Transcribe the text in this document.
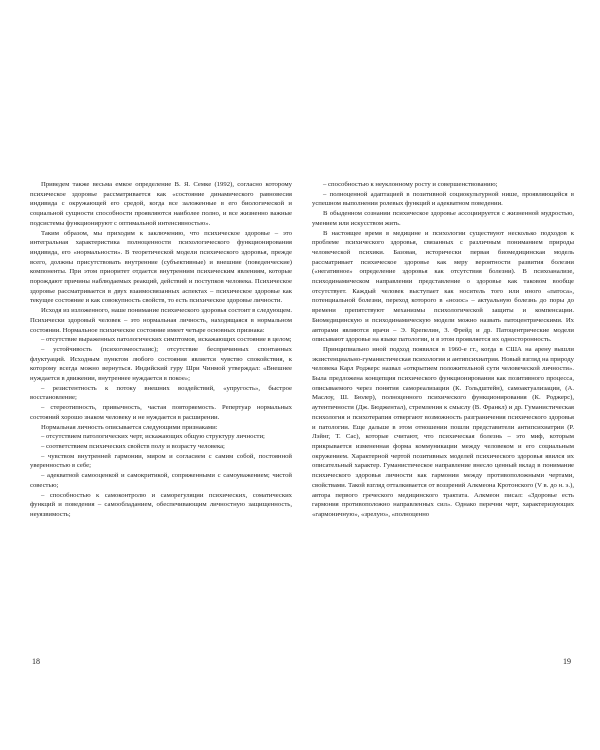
Приведем также весьма емкое определение В. Я. Семке (1992), согласно которому психическое здоровье рассматривается как «состояние динамического равновесия индивида с окружающей его средой, когда все заложенные в его биологической и социальной сущности способности проявляются наиболее полно, и все жизненно важные подсистемы функционируют с оптимальной интенсивностью».

Таким образом, мы приходим к заключению, что психическое здоровье – это интегральная характеристика полноценности психологического функционирования индивида, его «нормальности». В теоретической модели психического здоровья, прежде всего, должны присутствовать внутренние (субъективные) и внешние (поведенческие) компоненты. При этом приоритет отдается внутренним психическим явлениям, которые порождают причины наблюдаемых реакций, действий и поступков человека. Психическое здоровье рассматривается в двух взаимосвязанных аспектах – психическое здоровье как текущее состояние и как совокупность свойств, то есть психическое здоровье личности.

Исходя из изложенного, наше понимание психического здоровья состоит в следующем. Психически здоровый человек – это нормальная личность, находящаяся в нормальном состоянии. Нормальное психическое состояние имеет четыре основных признака:

– отсутствие выраженных патологических симптомов, искажающих состояние в целом;

– устойчивость (психогомеостазис); отсутствие беспричинных спонтанных флуктуаций. Исходным пунктом любого состояния является чувство спокойствия, к которому всегда можно вернуться. Индийский гуру Шри Чинмой утверждал: «Внешнее нуждается в движении, внутреннее нуждается в покое»;

– резистентность к потоку внешних воздействий, «упругость», быстрое восстановление;

– стереотипность, привычность, частая повторяемость. Репертуар нормальных состояний хорошо знаком человеку и не нуждается в расширении.

Нормальная личность описывается следующими признаками:

– отсутствием патологических черт, искажающих общую структуру личности;

– соответствием психических свойств полу и возрасту человека;

– чувством внутренней гармонии, миром и согласием с самим собой, постоянной уверенностью в себе;

– адекватной самооценкой и самокритикой, сопряженными с самоуважением; чистой совестью;

– способностью к самоконтролю и саморегуляции психических, соматических функций и поведения – самообладанием, обеспечивающим личностную защищенность, неуязвимость;

– способностью к неуклонному росту и совершенствованию;

– полноценной адаптацией в позитивной социокультурной нише, проявляющейся в успешном выполнении ролевых функций и адекватном поведении.

В обыденном сознании психическое здоровье ассоциируется с жизненной мудростью, умением или искусством жить.

В настоящее время в медицине и психологии существуют несколько подходов к проблеме психического здоровья, связанных с различным пониманием природы человеческой психики. Базовая, исторически первая биомедицинская модель рассматривает психическое здоровье как меру вероятности развития болезни («негативное» определение здоровья как отсутствия болезни). В психоанализе, психодинамическом направлении представление о здоровье как таковом вообще отсутствует. Каждый человек выступает как носитель того или иного «патоса», потенциальной болезни, переход которого в «нозос» – актуальную болезнь до поры до времени препятствуют механизмы психологической защиты и компенсации. Биомедицинскую и психодинамическую модели можно назвать патоцентрическими. Их авторами являются врачи – Э. Крепелин, З. Фрейд и др. Патоцентрические модели описывают здоровье на языке патологии, и в этом проявляется их односторонность.

Принципиально иной подход появился в 1960-е гг., когда в США на арену вышли экзистенциально-гуманистическая психология и антипсихиатрия. Новый взгляд на природу человека Карл Роджерс назвал «открытием положительной сути человеческой личности». Была предложена концепция психического функционирования как позитивного процесса, описываемого через понятия самореализации (К. Гольдштейн), самоактуализации, (А. Маслоу, Ш. Бюлер), полноценного психического функционирования (К. Роджерс), аутентичности (Дж. Бюджентал), стремления к смыслу (В. Франкл) и др. Гуманистическая психология и психотерапия отвергают возможность разграничения психического здоровья и патологии. Еще дальше в этом отношении пошли представители антипсихиатрии (Р. Лэйнг, Т. Сас), которые считают, что психическая болезнь – это миф, которым прикрывается измененная форма коммуникации между человеком и его социальным окружением. Характерной чертой позитивных моделей психического здоровья явился их описательный характер. Гуманистическое направление внесло ценный вклад в понимание психического здоровья личности как гармонии между противоположными чертами, свойствами. Такой взгляд отталкивается от воззрений Алкмеона Кротонского (V в. до н. э.), автора первого греческого медицинского трактата. Алкмеон писал: «Здоровье есть гармония противоположно направленных сил». Однако перечни черт, характеризующих «гармоничную», «зрелую», «полноценно

18	19
